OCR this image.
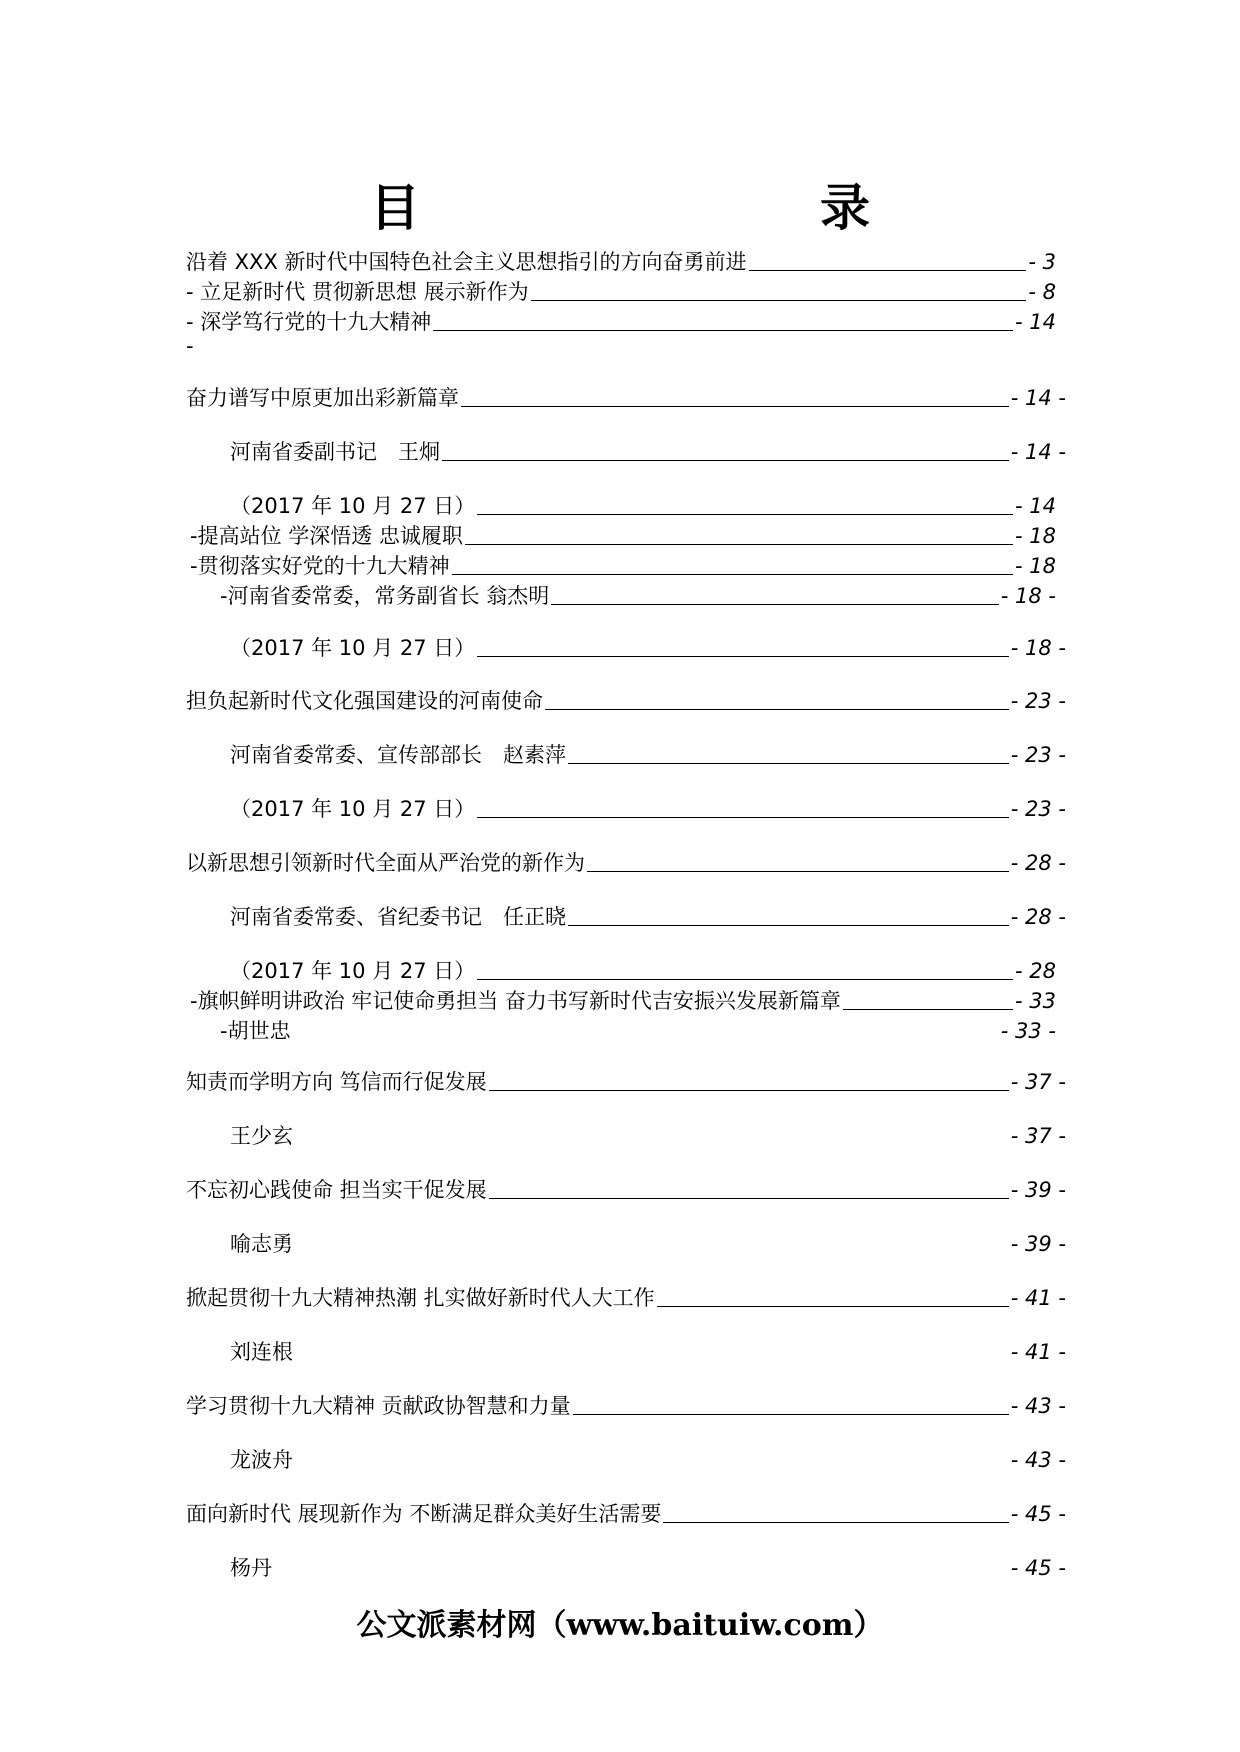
目　　录
沿着 XXX 新时代中国特色社会主义思想指引的方向奋勇前进	- 3
- 立足新时代 贯彻新思想 展示新作为	- 8
- 深学笃行党的十九大精神	- 14
-
奋力谱写中原更加出彩新篇章	- 14 -
河南省委副书记　王炯	- 14 -
（2017 年 10 月 27 日）	- 14
-提高站位 学深悟透 忠诚履职	- 18
-贯彻落实好党的十九大精神	- 18
-河南省委常委，常务副省长 翁杰明	- 18 -
（2017 年 10 月 27 日）	- 18 -
担负起新时代文化强国建设的河南使命	- 23 -
河南省委常委、宣传部部长　赵素萍	- 23 -
（2017 年 10 月 27 日）	- 23 -
以新思想引领新时代全面从严治党的新作为	- 28 -
河南省委常委、省纪委书记　任正晓	- 28 -
（2017 年 10 月 27 日）	- 28
-旗帜鲜明讲政治 牢记使命勇担当 奋力书写新时代吉安振兴发展新篇章	- 33
-胡世忠	- 33 -
知责而学明方向 笃信而行促发展	- 37 -
王少玄	- 37 -
不忘初心践使命 担当实干促发展	- 39 -
喻志勇	- 39 -
掀起贯彻十九大精神热潮 扎实做好新时代人大工作	- 41 -
刘连根	- 41 -
学习贯彻十九大精神 贡献政协智慧和力量	- 43 -
龙波舟	- 43 -
面向新时代 展现新作为 不断满足群众美好生活需要	- 45 -
杨丹	- 45 -
公文派素材网（www.baituiw.com）
